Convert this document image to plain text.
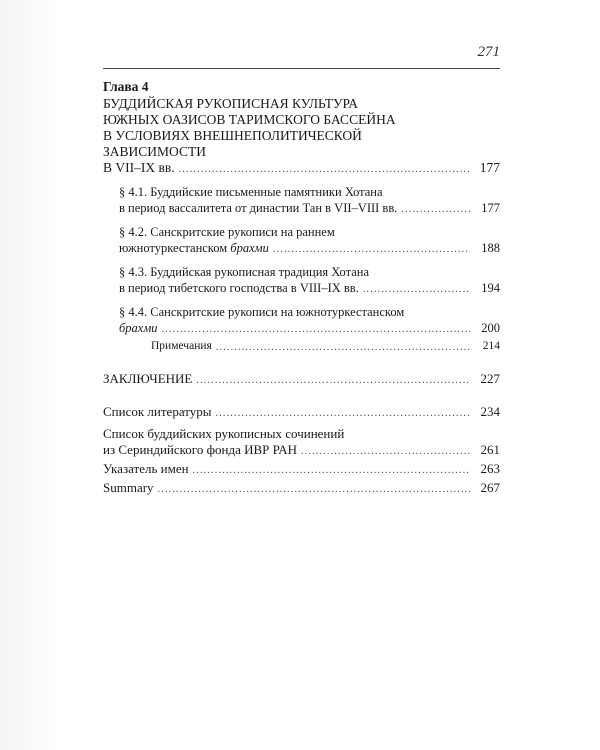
271
Глава 4
БУДДИЙСКАЯ РУКОПИСНАЯ КУЛЬТУРА
ЮЖНЫХ ОАЗИСОВ ТАРИМСКОГО БАССЕЙНА
В УСЛОВИЯХ ВНЕШНЕПОЛИТИЧЕСКОЙ
ЗАВИСИМОСТИ
В VII–IX вв. .....	177
§ 4.1. Буддийские письменные памятники Хотана
в период вассалитета от династии Тан в VII–VIII вв. .....	177
§ 4.2. Санскритские рукописи на раннем
южнотуркестанском брахми .....	188
§ 4.3. Буддийская рукописная традиция Хотана
в период тибетского господства в VIII–IX вв. .....	194
§ 4.4. Санскритские рукописи на южнотуркестанском
брахми .....	200
Примечания .....	214
ЗАКЛЮЧЕНИЕ .....	227
Список литературы .....	234
Список буддийских рукописных сочинений
из Сериндийского фонда ИВР РАН .....	261
Указатель имен .....	263
Summary .....	267
